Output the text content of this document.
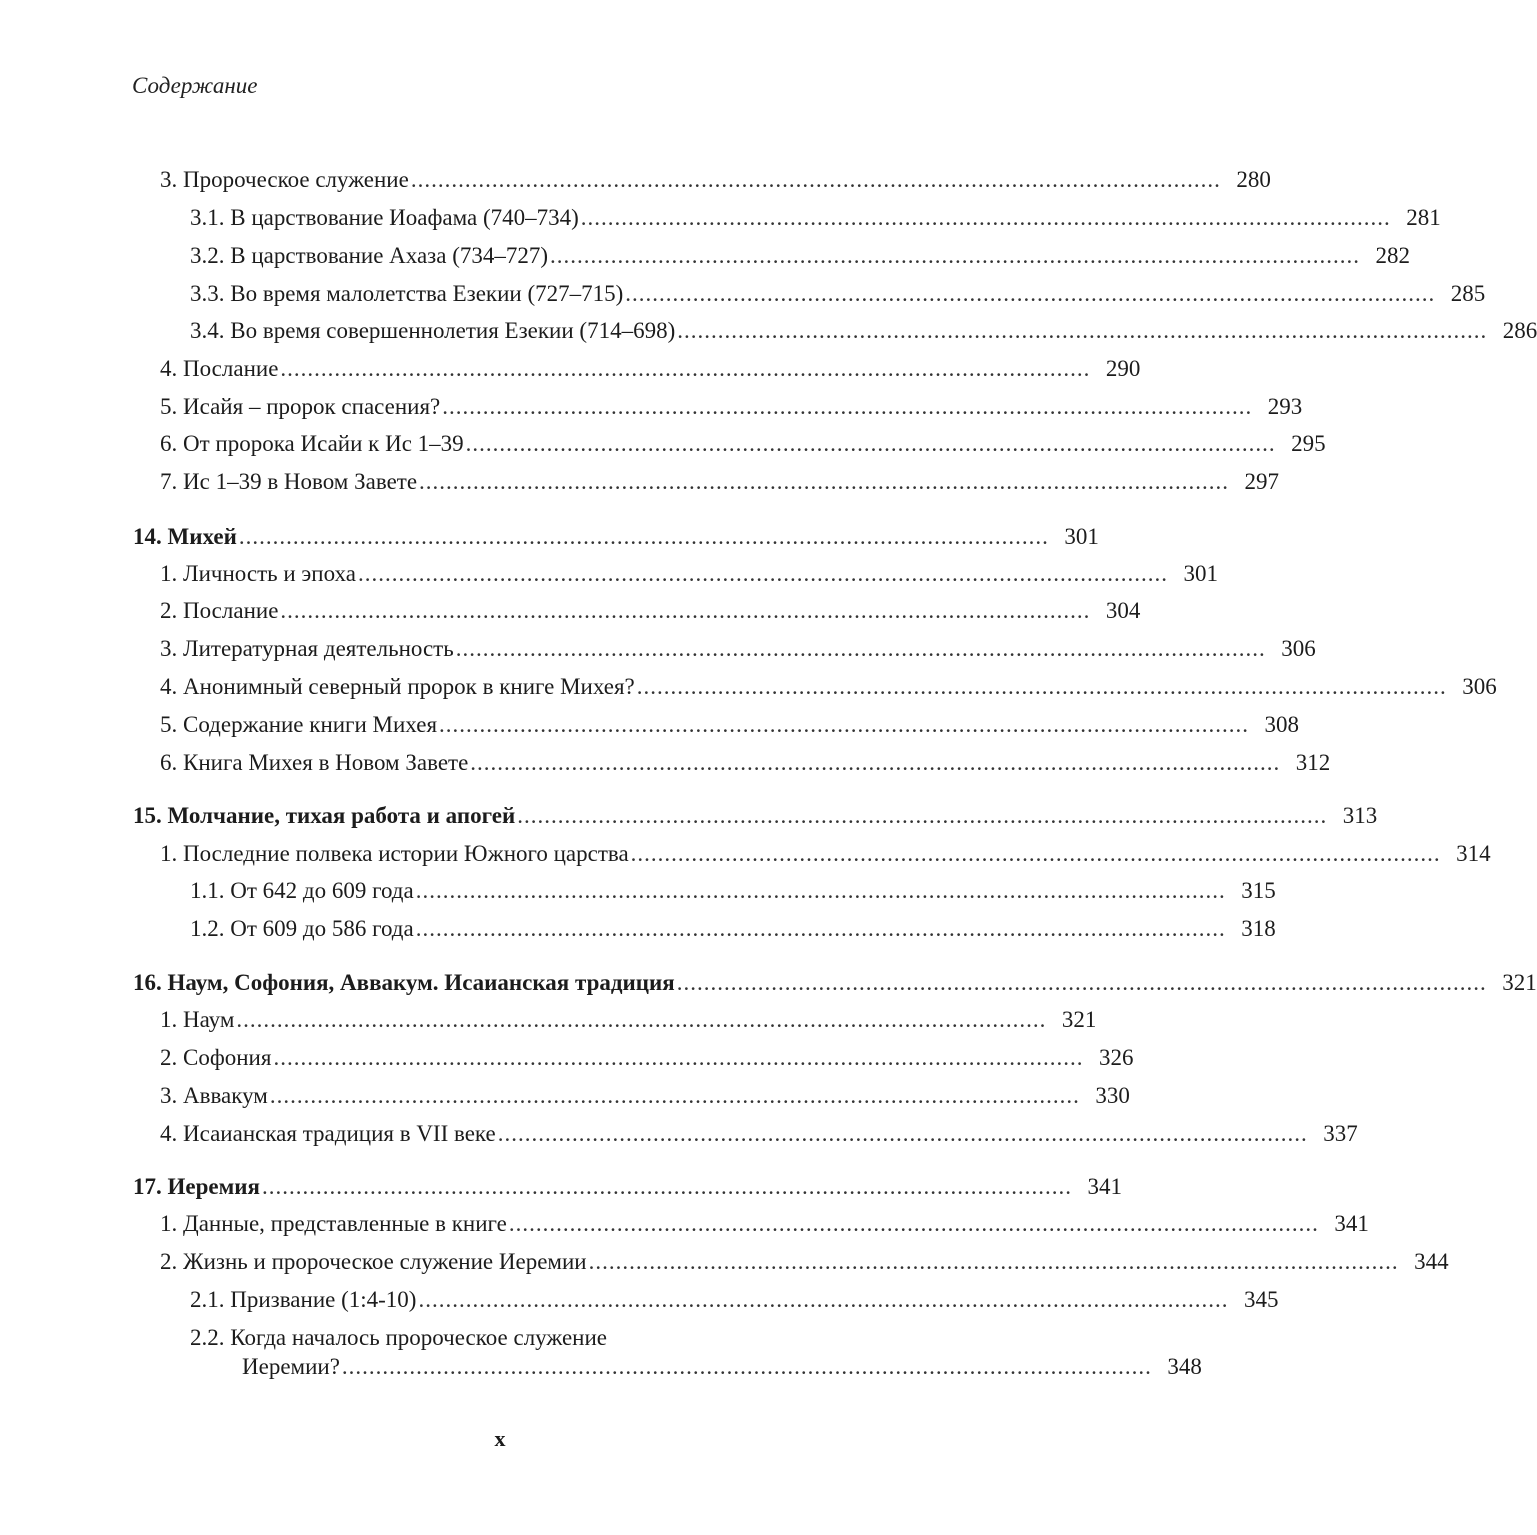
Содержание
3. Пророческое служение ........................................................................................................................ 280
3.1. В царствование Иоафама (740–734) ........................................................................................................................ 281
3.2. В царствование Ахаза (734–727) ........................................................................................................................ 282
3.3. Во время малолетства Езекии (727–715) ........................................................................................................................ 285
3.4. Во время совершеннолетия Езекии (714–698) ........................................................................................................................ 286
4. Послание ........................................................................................................................ 290
5. Исайя – пророк спасения? ........................................................................................................................ 293
6. От пророка Исайи к Ис 1–39 ........................................................................................................................ 295
7. Ис 1–39 в Новом Завете ........................................................................................................................ 297
14. Михей ........................................................................................................................ 301
1. Личность и эпоха ........................................................................................................................ 301
2. Послание ........................................................................................................................ 304
3. Литературная деятельность ........................................................................................................................ 306
4. Анонимный северный пророк в книге Михея? ........................................................................................................................ 306
5. Содержание книги Михея ........................................................................................................................ 308
6. Книга Михея в Новом Завете ........................................................................................................................ 312
15. Молчание, тихая работа и апогей ........................................................................................................................ 313
1. Последние полвека истории Южного царства ........................................................................................................................ 314
1.1. От 642 до 609 года ........................................................................................................................ 315
1.2. От 609 до 586 года ........................................................................................................................ 318
16. Наум, Софония, Аввакум. Исаианская традиция ........................................................................................................................ 321
1. Наум ........................................................................................................................ 321
2. Софония ........................................................................................................................ 326
3. Аввакум ........................................................................................................................ 330
4. Исаианская традиция в VII веке ........................................................................................................................ 337
17. Иеремия ........................................................................................................................ 341
1. Данные, представленные в книге ........................................................................................................................ 341
2. Жизнь и пророческое служение Иеремии ........................................................................................................................ 344
2.1. Призвание (1:4-10) ........................................................................................................................ 345
2.2. Когда началось пророческое служение
Иеремии? ........................................................................................................................ 348
x
